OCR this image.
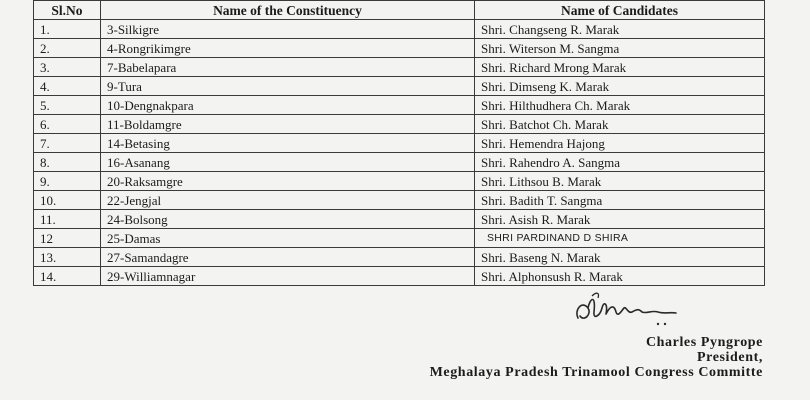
Sl.No	Name of the Constituency	Name of Candidates
1.	3-Silkigre	Shri. Changseng R. Marak
2.	4-Rongrikimgre	Shri. Witerson M. Sangma
3.	7-Babelapara	Shri. Richard Mrong Marak
4.	9-Tura	Shri. Dimseng K. Marak
5.	10-Dengnakpara	Shri. Hilthudhera Ch. Marak
6.	11-Boldamgre	Shri. Batchot Ch. Marak
7.	14-Betasing	Shri. Hemendra Hajong
8.	16-Asanang	Shri. Rahendro A. Sangma
9.	20-Raksamgre	Shri. Lithsou B. Marak
10.	22-Jengjal	Shri. Badith T. Sangma
11.	24-Bolsong	Shri. Asish R. Marak
12	25-Damas	SHRI PARDINAND D SHIRA
13.	27-Samandagre	Shri. Baseng N. Marak
14.	29-Williamnagar	Shri. Alphonsush R. Marak
Charles Pyngrope
President,
Meghalaya Pradesh Trinamool Congress Committe
